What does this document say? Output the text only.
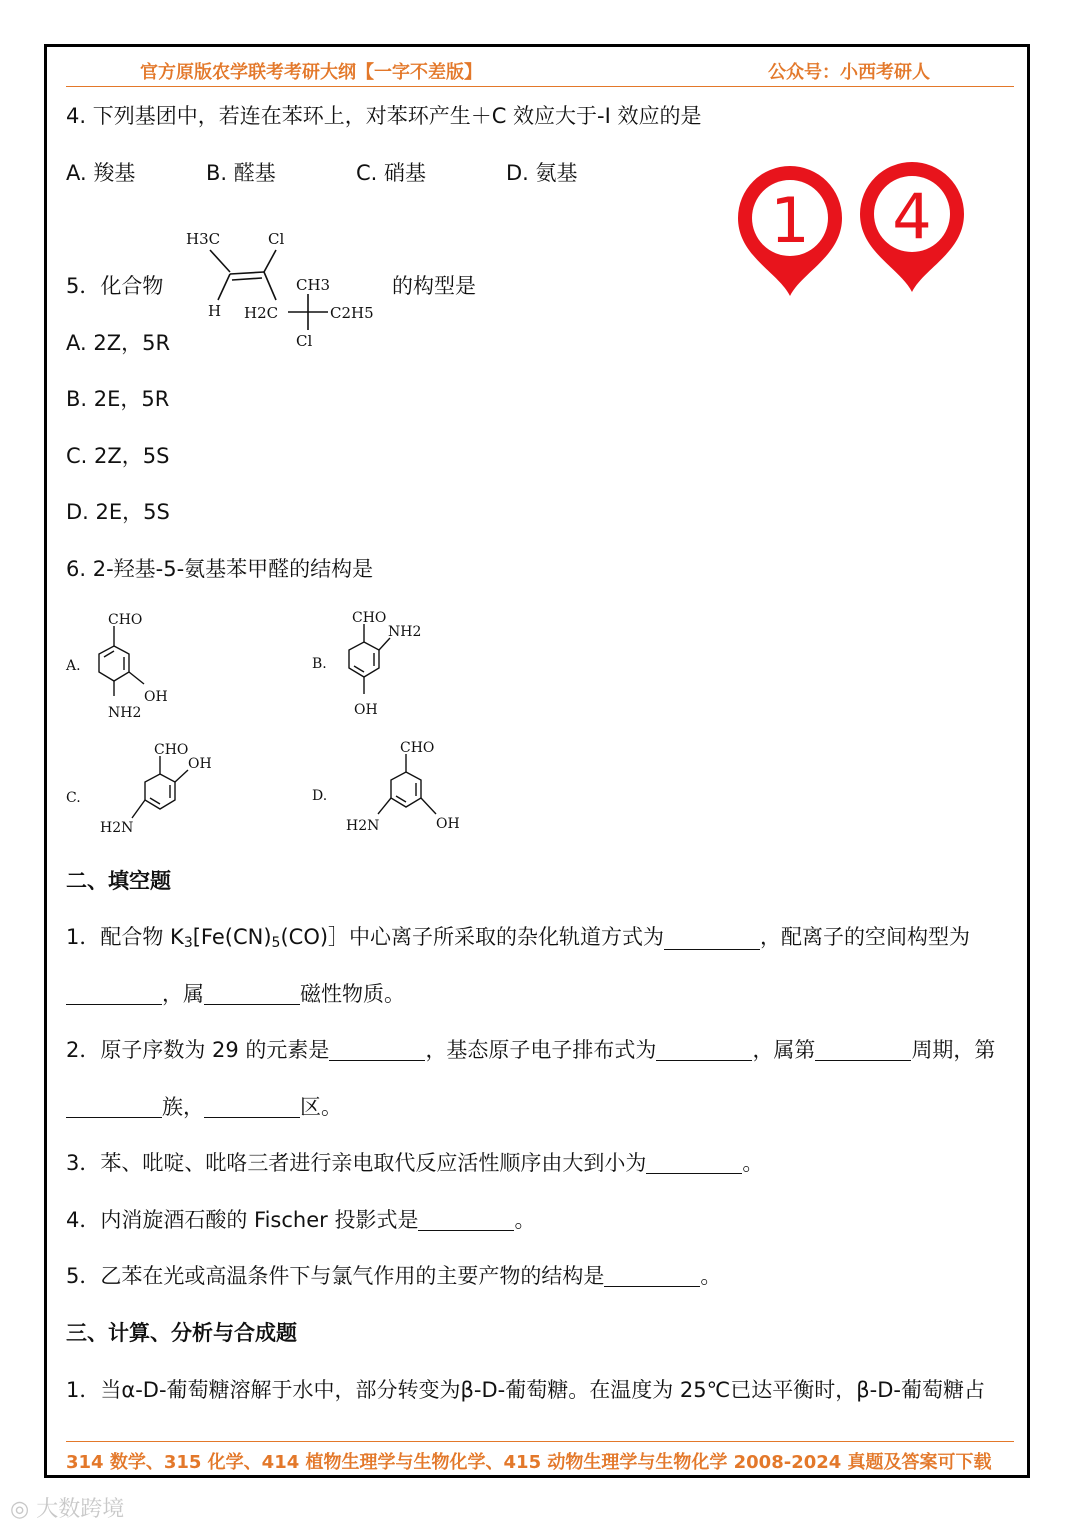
官方原版农学联考考研大纲【一字不差版】	公众号：小西考研人
4. 下列基团中，若连在苯环上，对苯环产生＋C 效应大于-I 效应的是
A. 羧基	B. 醛基	C. 硝基	D. 氨基
1 4
5．化合物
H3C	Cl
CH3
H H2C	C2H5
Cl
的构型是
A. 2Z，5R
B. 2E，5R
C. 2Z，5S
D. 2E，5S
6. 2-羟基-5-氨基苯甲醛的结构是
A.
CHO
OH
NH2
B.
CHO
NH2
OH
C.
CHO
OH
H2N
D.
CHO
H2N	OH
二、填空题
1．配合物 $K_3[Fe(CN)_5(CO)]$中心离子所采取的杂化轨道方式为	，配离子的空间构型为
，属	磁性物质。
2．原子序数为 29 的元素是	，基态原子电子排布式为	，属第	周期，第
族，	区。
3．苯、吡啶、吡咯三者进行亲电取代反应活性顺序由大到小为	。
4．内消旋酒石酸的 Fischer 投影式是	。
5．乙苯在光或高温条件下与氯气作用的主要产物的结构是	。
三、计算、分析与合成题
1．当α-D-葡萄糖溶解于水中，部分转变为β-D-葡萄糖。在温度为 25℃已达平衡时，β-D-葡萄糖占
314 数学、315 化学、414 植物生理学与生物化学、415 动物生理学与生物化学 2008-2024 真题及答案可下载
◎ 大数跨境
